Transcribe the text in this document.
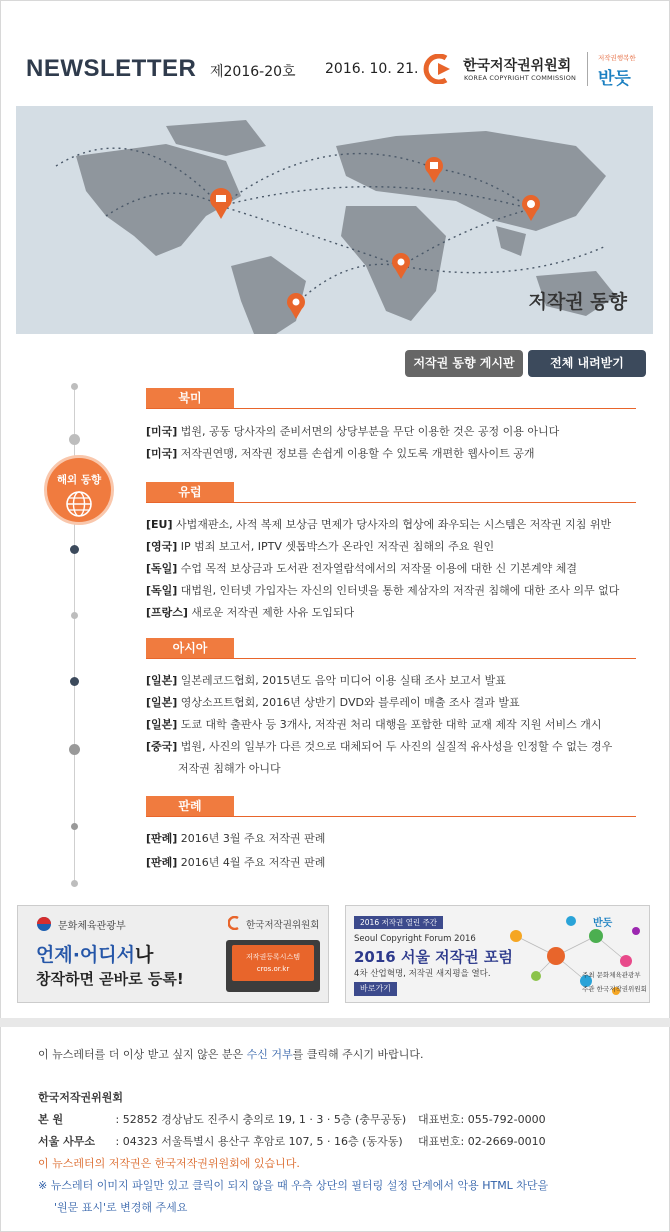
NEWSLETTER 제2016-20호 2016. 10. 21.	한국저작권위원회
KOREA COPYRIGHT COMMISSION
저작권행복한
반듯
저작권 동향
저작권 동향 게시판	전체 내려받기
해외 동향
북미
[미국] 법원, 공동 당사자의 준비서면의 상당부분을 무단 이용한 것은 공정 이용 아니다
[미국] 저작권연맹, 저작권 정보를 손쉽게 이용할 수 있도록 개편한 웹사이트 공개
유럽
[EU] 사법재판소, 사적 복제 보상금 면제가 당사자의 협상에 좌우되는 시스템은 저작권 지침 위반
[영국] IP 범죄 보고서, IPTV 셋톱박스가 온라인 저작권 침해의 주요 원인
[독일] 수업 목적 보상금과 도서관 전자열람석에서의 저작물 이용에 대한 신 기본계약 체결
[독일] 대법원, 인터넷 가입자는 자신의 인터넷을 통한 제삼자의 저작권 침해에 대한 조사 의무 없다
[프랑스] 새로운 저작권 제한 사유 도입되다
아시아
[일본] 일본레코드협회, 2015년도 음악 미디어 이용 실태 조사 보고서 발표
[일본] 영상소프트협회, 2016년 상반기 DVD와 블루레이 매출 조사 결과 발표
[일본] 도쿄 대학 출판사 등 3개사, 저작권 처리 대행을 포함한 대학 교재 제작 지원 서비스 개시
[중국] 법원, 사진의 일부가 다른 것으로 대체되어 두 사진의 실질적 유사성을 인정할 수 없는 경우
저작권 침해가 아니다
판례
[판례] 2016년 3월 주요 저작권 판례
[판례] 2016년 4월 주요 저작권 판례
문화체육관광부	한국저작권위원회
언제·어디서나
창작하면 곧바로 등록!
저작권등록시스템
cros.or.kr
2016 저작권 열린 주간
Seoul Copyright Forum 2016
2016 서울 저작권 포럼
4차 산업혁명, 저작권 새지평을 열다.
바로가기
반듯
주최 문화체육관광부
주관 한국저작권위원회
이 뉴스레터를 더 이상 받고 싶지 않은 분은 수신 거부를 클릭해 주시기 바랍니다.
한국저작권위원회
본 원	: 52852 경상남도 진주시 충의로 19, 1 · 3 · 5층 (충무공동) 대표번호: 055-792-0000
서울 사무소 : 04323 서울특별시 용산구 후암로 107, 5 · 16층 (동자동) 대표번호: 02-2669-0010
이 뉴스레터의 저작권은 한국저작권위원회에 있습니다.
※ 뉴스레터 이미지 파일만 있고 클릭이 되지 않을 때 우측 상단의 필터링 설정 단계에서 악용 HTML 차단을
'원문 표시'로 변경해 주세요
